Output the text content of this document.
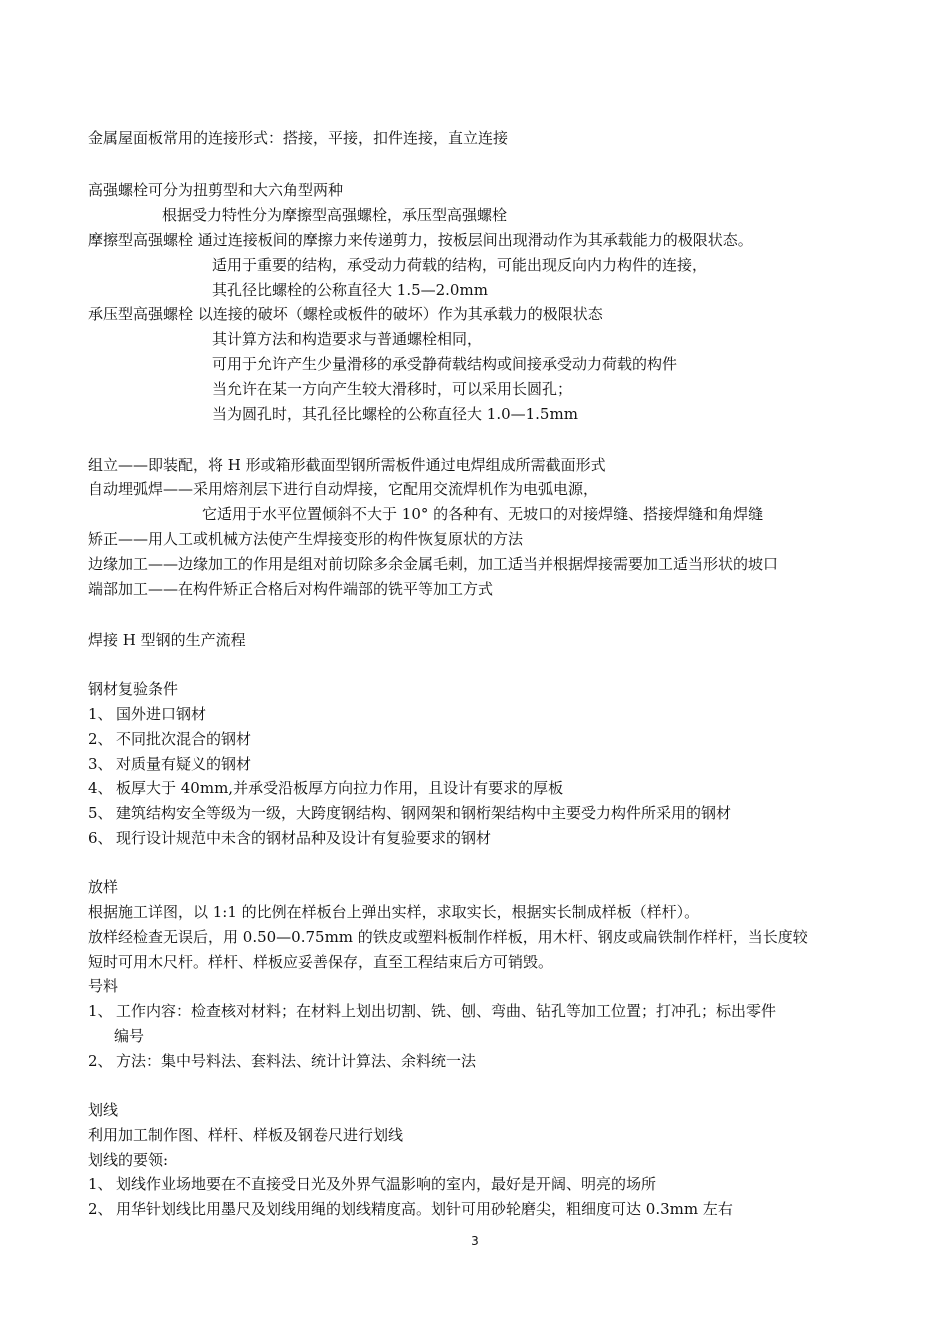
金属屋面板常用的连接形式：搭接，平接，扣件连接，直立连接
高强螺栓可分为扭剪型和大六角型两种
根据受力特性分为摩擦型高强螺栓，承压型高强螺栓
摩擦型高强螺栓 通过连接板间的摩擦力来传递剪力，按板层间出现滑动作为其承载能力的极限状态。
适用于重要的结构，承受动力荷载的结构，可能出现反向内力构件的连接，
其孔径比螺栓的公称直径大 1.5—2.0mm
承压型高强螺栓 以连接的破坏（螺栓或板件的破坏）作为其承载力的极限状态
其计算方法和构造要求与普通螺栓相同，
可用于允许产生少量滑移的承受静荷载结构或间接承受动力荷载的构件
当允许在某一方向产生较大滑移时，可以采用长圆孔；
当为圆孔时，其孔径比螺栓的公称直径大 1.0—1.5mm
组立——即装配，将 H 形或箱形截面型钢所需板件通过电焊组成所需截面形式
自动埋弧焊——采用熔剂层下进行自动焊接，它配用交流焊机作为电弧电源，
它适用于水平位置倾斜不大于 10° 的各种有、无坡口的对接焊缝、搭接焊缝和角焊缝
矫正——用人工或机械方法使产生焊接变形的构件恢复原状的方法
边缘加工——边缘加工的作用是组对前切除多余金属毛刺，加工适当并根据焊接需要加工适当形状的坡口
端部加工——在构件矫正合格后对构件端部的铣平等加工方式
焊接 H 型钢的生产流程
钢材复验条件
1、 国外进口钢材
2、 不同批次混合的钢材
3、 对质量有疑义的钢材
4、 板厚大于 40mm,并承受沿板厚方向拉力作用，且设计有要求的厚板
5、 建筑结构安全等级为一级，大跨度钢结构、钢网架和钢桁架结构中主要受力构件所采用的钢材
6、 现行设计规范中未含的钢材品种及设计有复验要求的钢材
放样
根据施工详图，以 1:1 的比例在样板台上弹出实样，求取实长，根据实长制成样板（样杆）。
放样经检查无误后，用 0.50—0.75mm 的铁皮或塑料板制作样板，用木杆、钢皮或扁铁制作样杆，当长度较
短时可用木尺杆。样杆、样板应妥善保存，直至工程结束后方可销毁。
号料
1、 工作内容：检查核对材料；在材料上划出切割、铣、刨、弯曲、钻孔等加工位置；打冲孔；标出零件
编号
2、 方法：集中号料法、套料法、统计计算法、余料统一法
划线
利用加工制作图、样杆、样板及钢卷尺进行划线
划线的要领:
1、 划线作业场地要在不直接受日光及外界气温影响的室内，最好是开阔、明亮的场所
2、 用华针划线比用墨尺及划线用绳的划线精度高。划针可用砂轮磨尖，粗细度可达 0.3mm 左右
3
